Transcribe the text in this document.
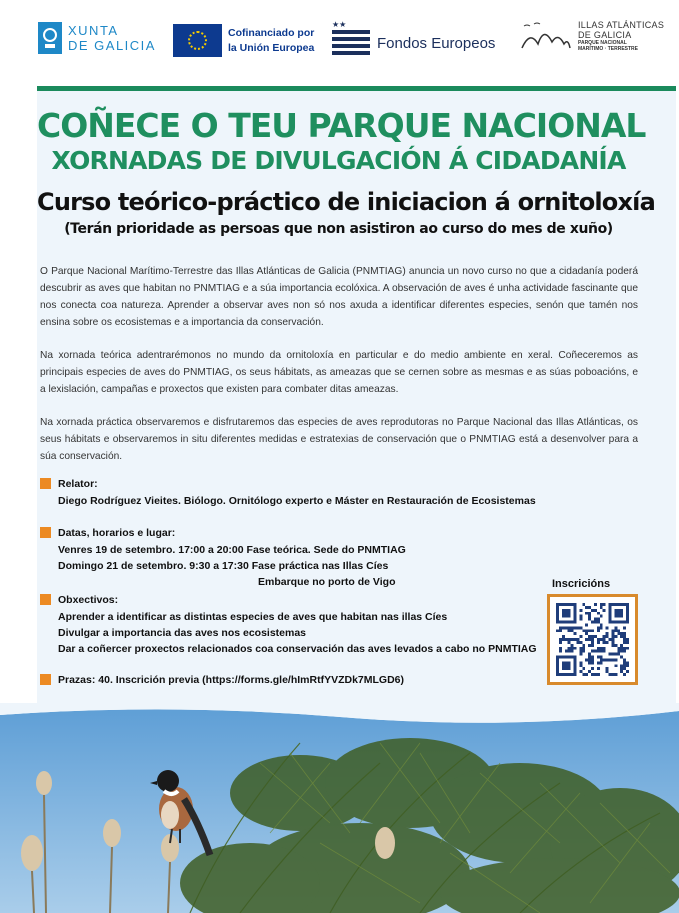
XUNTA
DE GALICIA
Cofinanciado por
la Unión Europea
★★
Fondos Europeos
ILLAS ATLÁNTICAS
DE GALICIA
PARQUE NACIONAL
MARÍTIMO · TERRESTRE
COÑECE O TEU PARQUE NACIONAL
XORNADAS DE DIVULGACIÓN Á CIDADANÍA
Curso teórico-práctico de iniciacion á ornitoloxía
(Terán prioridade as persoas que non asistiron ao curso do mes de xuño)

O Parque Nacional Marítimo-Terrestre das Illas Atlánticas de Galicia (PNMTIAG) anuncia un novo curso no que a cidadanía poderá descubrir as aves que habitan no PNMTIAG e a súa importancia ecolóxica. A observación de aves é unha actividade fascinante que nos conecta coa natureza. Aprender a observar aves non só nos axuda a identificar diferentes especies, senón que tamén nos ensina sobre os ecosistemas e a importancia da conservación.

Na xornada teórica adentrarémonos no mundo da ornitoloxía en particular e do medio ambiente en xeral. Coñeceremos as principais especies de aves do PNMTIAG, os seus hábitats, as ameazas que se cernen sobre as mesmas e as súas poboacións, e a lexislación, campañas e proxectos que existen para combater ditas ameazas.

Na xornada práctica observaremos e disfrutaremos das especies de aves reprodutoras no Parque Nacional das Illas Atlánticas, os seus hábitats e observaremos in situ diferentes medidas e estratexias de conservación que o PNMTIAG está a desenvolver para a súa conservación.

Relator:
Diego Rodríguez Vieites. Biólogo. Ornitólogo experto e Máster en Restauración de Ecosistemas
Datas, horarios e lugar:
Venres 19 de setembro. 17:00 a 20:00 Fase teórica. Sede do PNMTIAG
Domingo 21 de setembro. 9:30 a 17:30 Fase práctica nas Illas Cíes
Embarque no porto de Vigo
Obxectivos:
Aprender a identificar as distintas especies de aves que habitan nas illas Cíes
Divulgar a importancia das aves nos ecosistemas
Dar a coñercer proxectos relacionados coa conservación das aves levados a cabo no PNMTIAG
Prazas: 40. Inscrición previa (https://forms.gle/hImRtfYVZDk7MLGD6)
Inscricións
